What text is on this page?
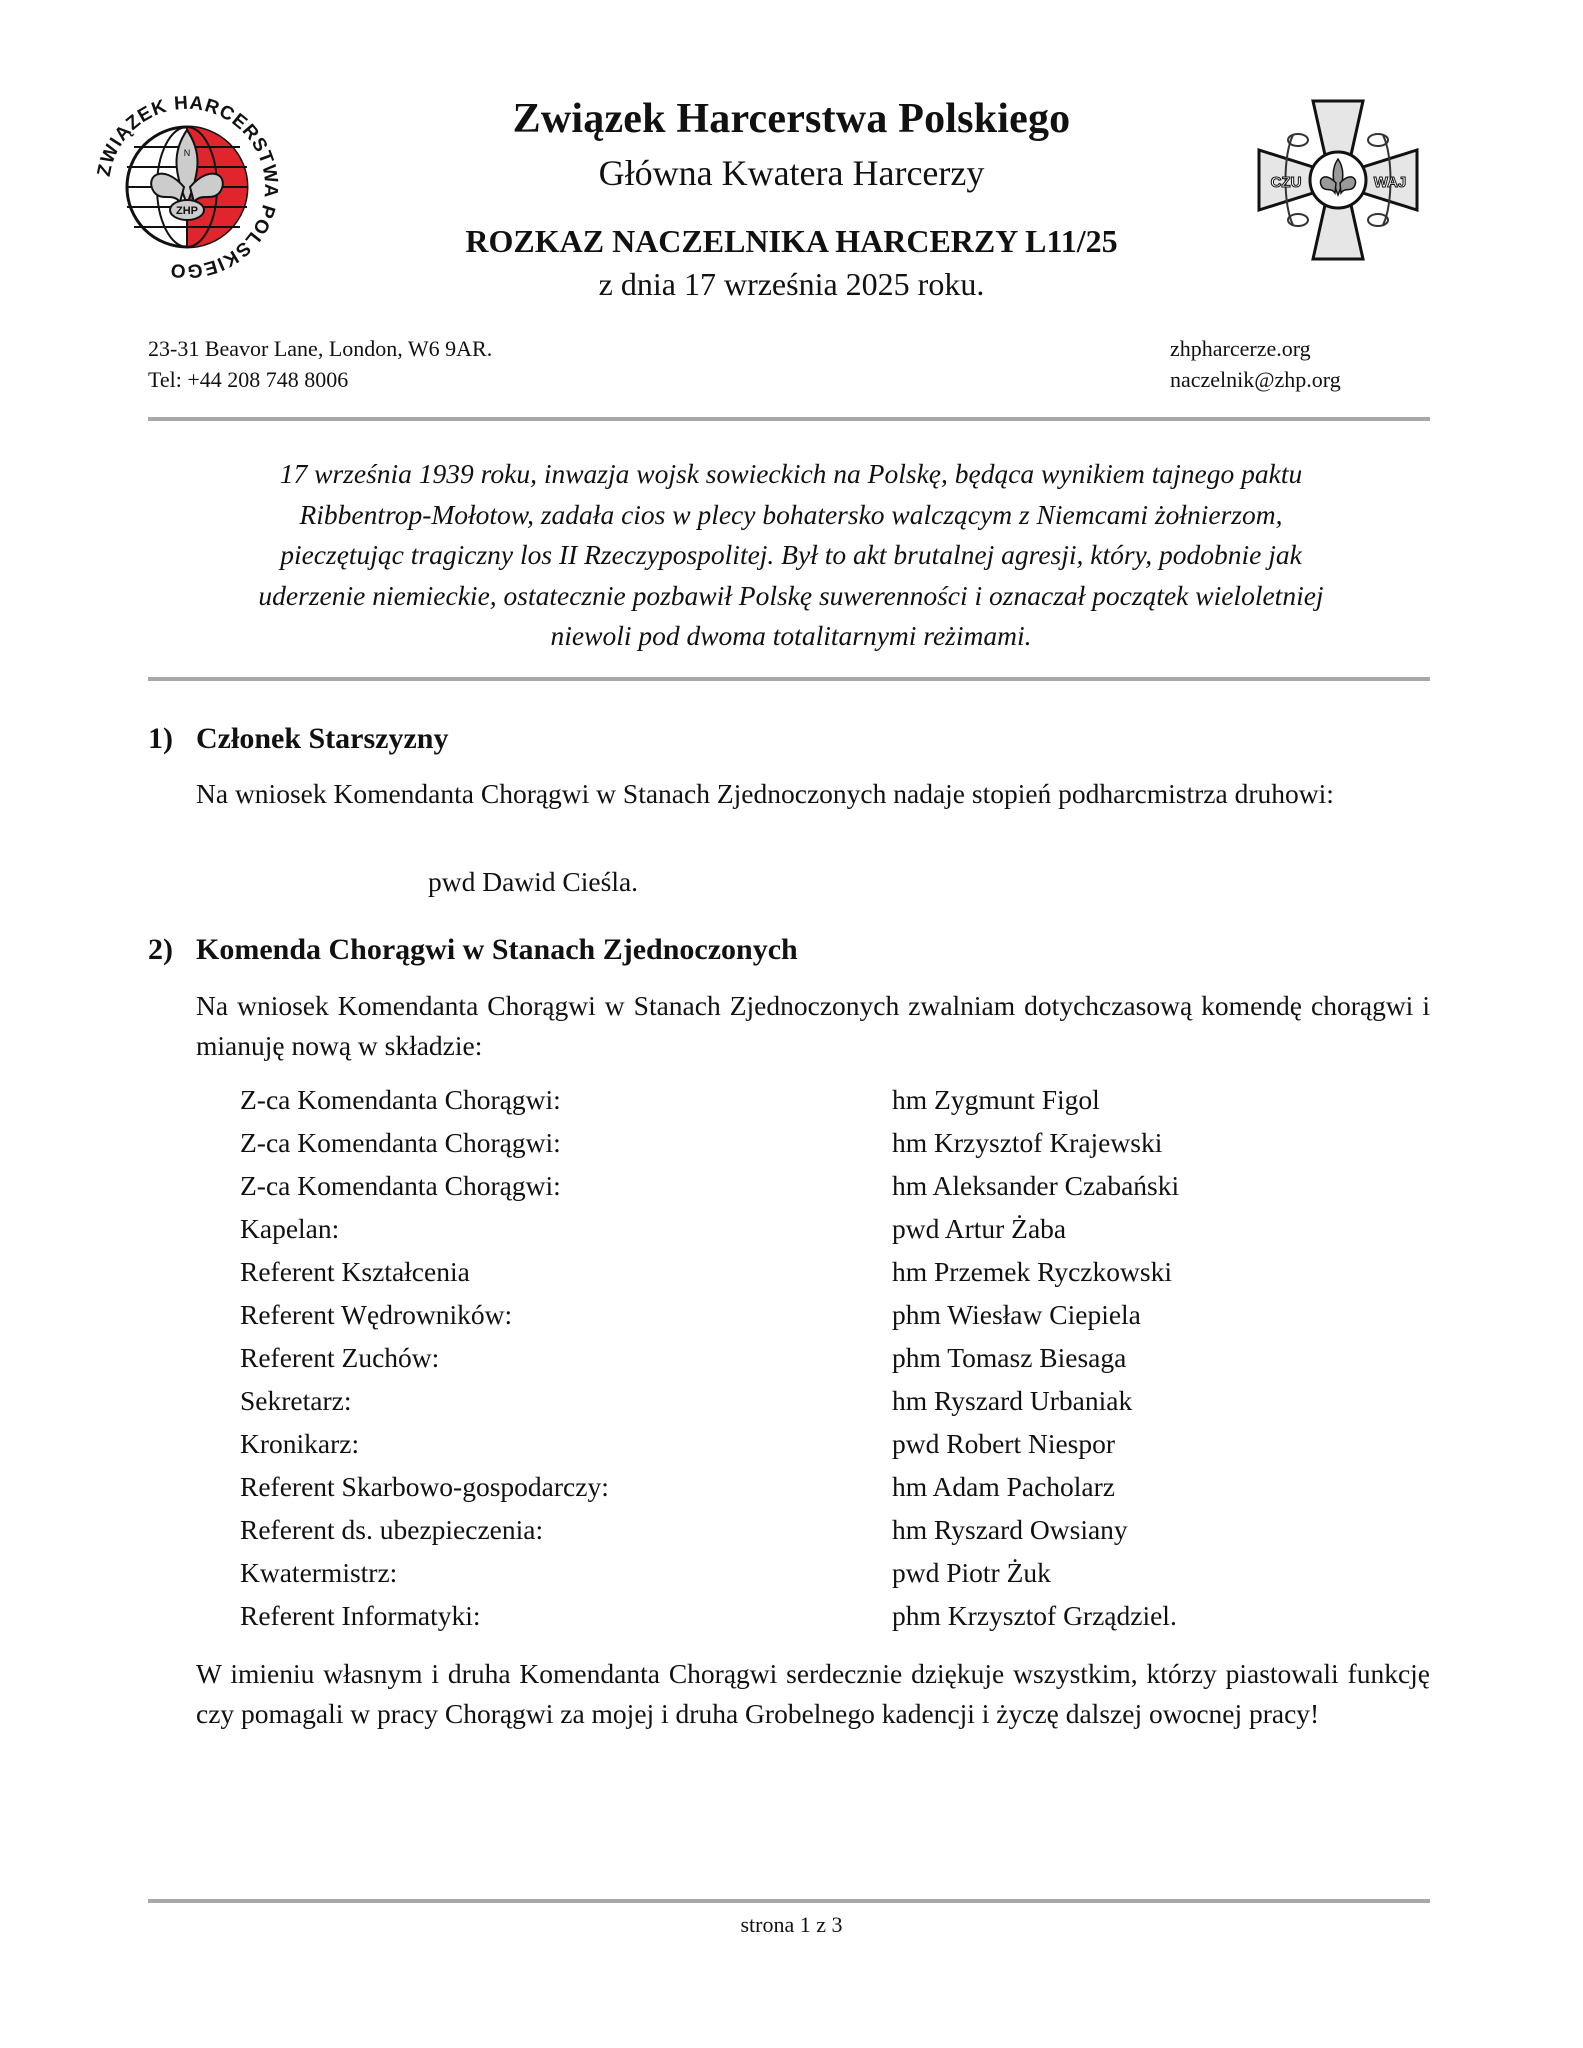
ZHP
N
ZWIĄZEK HARCERSTWA POLSKIEGO
CZU	WAJ
Związek Harcerstwa Polskiego
Główna Kwatera Harcerzy
ROZKAZ NACZELNIKA HARCERZY L11/25
z dnia 17 września 2025 roku.
23-31 Beavor Lane, London, W6 9AR.
Tel: +44 208 748 8006
zhpharcerze.org
naczelnik@zhp.org
17 września 1939 roku, inwazja wojsk sowieckich na Polskę, będąca wynikiem tajnego paktu
Ribbentrop-Mołotow, zadała cios w plecy bohatersko walczącym z Niemcami żołnierzom,
pieczętując tragiczny los II Rzeczypospolitej. Był to akt brutalnej agresji, który, podobnie jak
uderzenie niemieckie, ostatecznie pozbawił Polskę suwerenności i oznaczał początek wieloletniej
niewoli pod dwoma totalitarnymi reżimami.
1) Członek Starszyzny
Na wniosek Komendanta Chorągwi w Stanach Zjednoczonych nadaje stopień podharcmistrza druhowi:
pwd Dawid Cieśla.
2) Komenda Chorągwi w Stanach Zjednoczonych
Na wniosek Komendanta Chorągwi w Stanach Zjednoczonych zwalniam dotychczasową komendę chorągwi i mianuję nową w składzie:
Z-ca Komendanta Chorągwi:	hm Zygmunt Figol
Z-ca Komendanta Chorągwi:	hm Krzysztof Krajewski
Z-ca Komendanta Chorągwi:	hm Aleksander Czabański
Kapelan:	pwd Artur Żaba
Referent Kształcenia	hm Przemek Ryczkowski
Referent Wędrowników:	phm Wiesław Ciepiela
Referent Zuchów:	phm Tomasz Biesaga
Sekretarz:	hm Ryszard Urbaniak
Kronikarz:	pwd Robert Niespor
Referent Skarbowo-gospodarczy:	hm Adam Pacholarz
Referent ds. ubezpieczenia:	hm Ryszard Owsiany
Kwatermistrz:	pwd Piotr Żuk
Referent Informatyki:	phm Krzysztof Grządziel.
W imieniu własnym i druha Komendanta Chorągwi serdecznie dziękuje wszystkim, którzy piastowali funkcję czy pomagali w pracy Chorągwi za mojej i druha Grobelnego kadencji i życzę dalszej owocnej pracy!
strona 1 z 3
